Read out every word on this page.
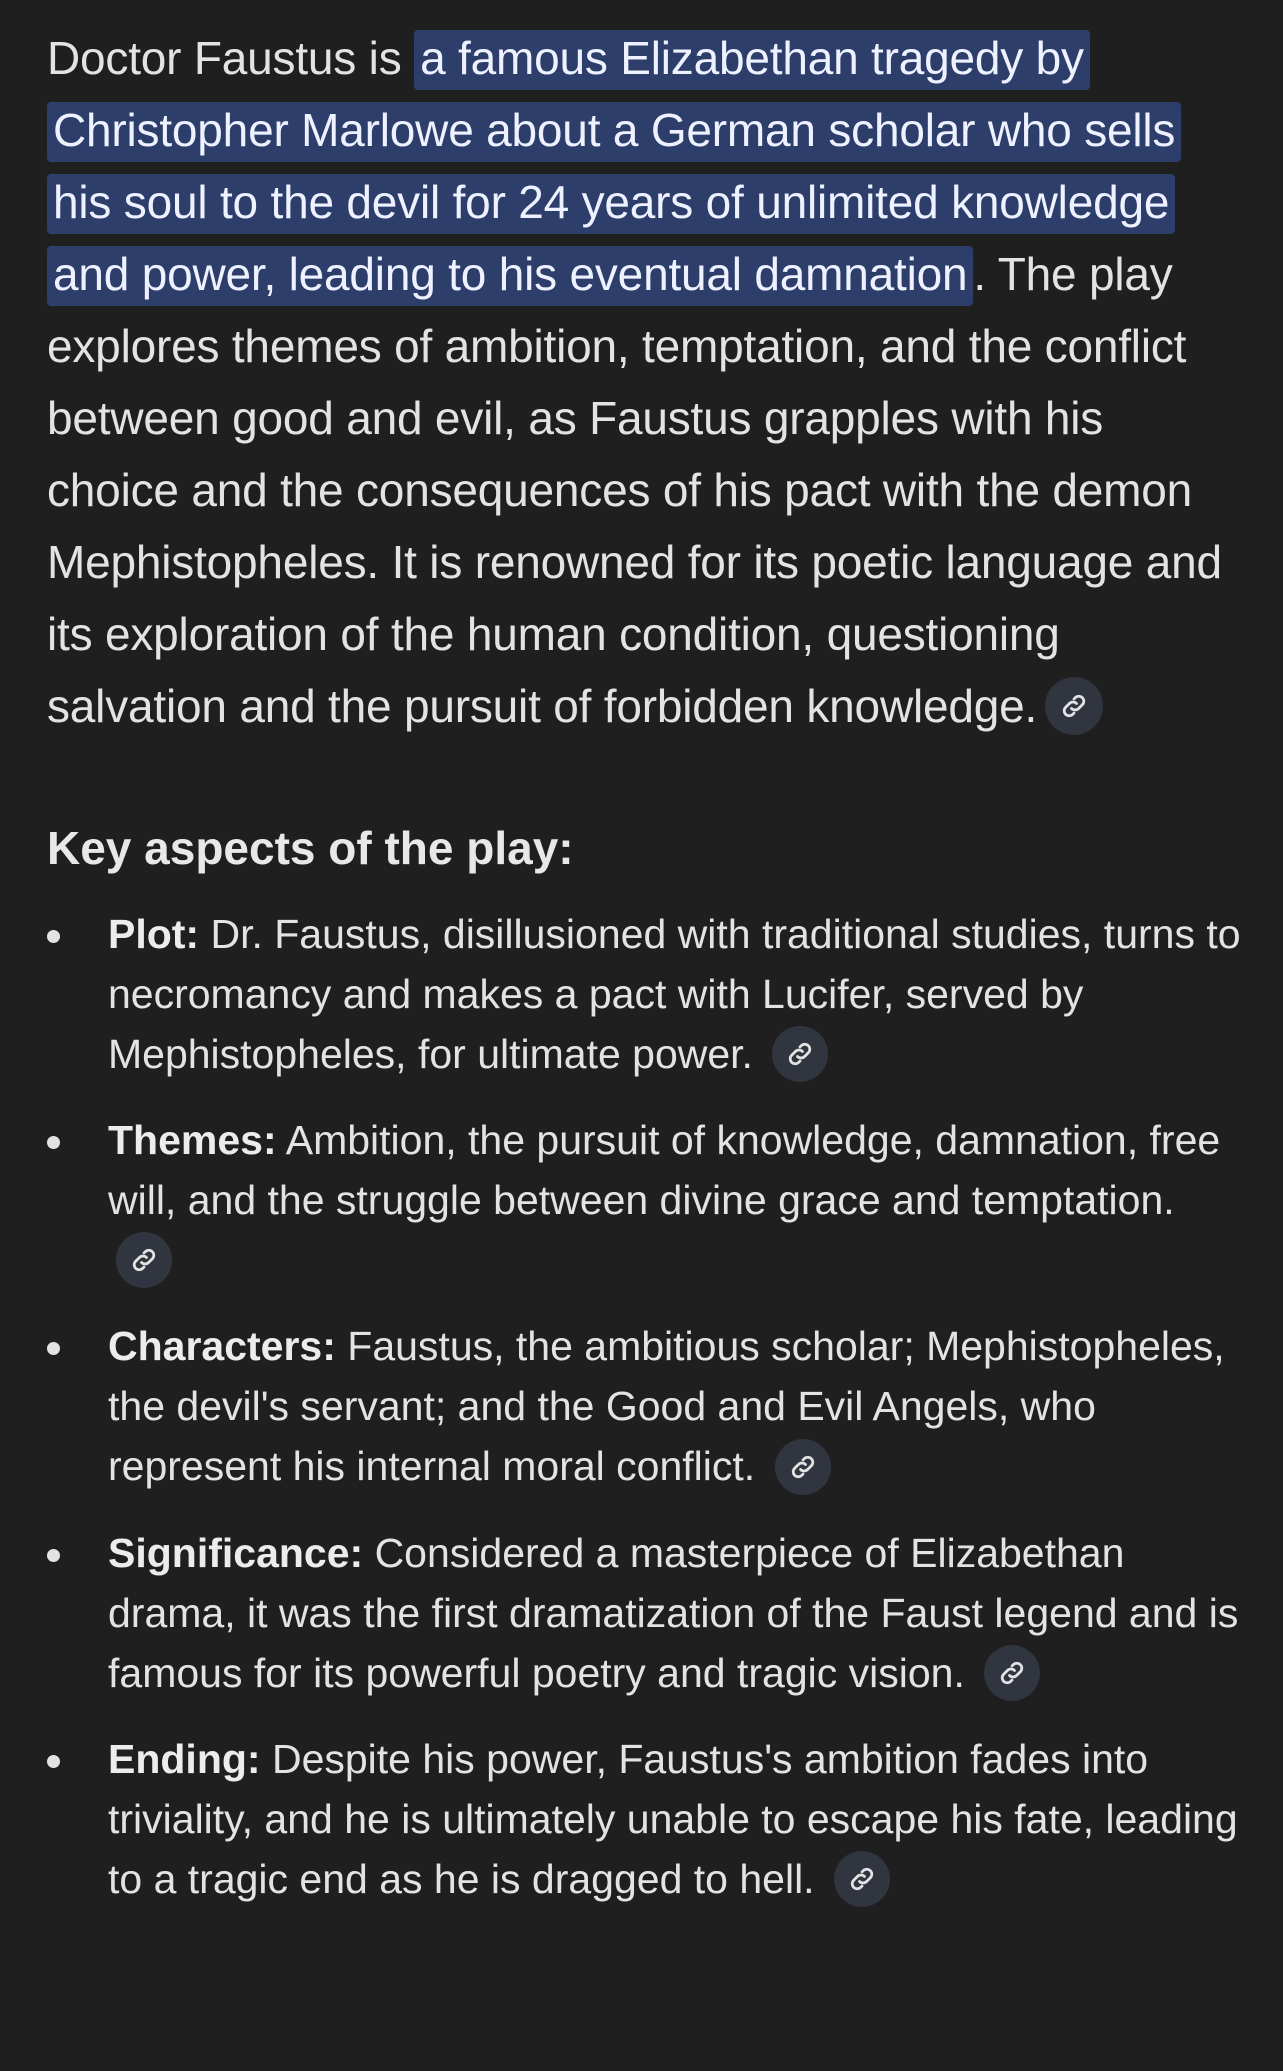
Doctor Faustus is a famous Elizabethan tragedy by Christopher Marlowe about a German scholar who sells his soul to the devil for 24 years of unlimited knowledge and power, leading to his eventual damnation . The play explores themes of ambition, temptation, and the conflict between good and evil, as Faustus grapples with his choice and the consequences of his pact with the demon Mephistopheles. It is renowned for its poetic language and its exploration of the human condition, questioning salvation and the pursuit of forbidden knowledge.

Key aspects of the play:
Plot: Dr. Faustus, disillusioned with traditional studies, turns to necromancy and makes a pact with Lucifer, served by Mephistopheles, for ultimate power.
Themes: Ambition, the pursuit of knowledge, damnation, free will, and the struggle between divine grace and temptation.
Characters: Faustus, the ambitious scholar; Mephistopheles, the devil's servant; and the Good and Evil Angels, who represent his internal moral conflict.
Significance: Considered a masterpiece of Elizabethan drama, it was the first dramatization of the Faust legend and is famous for its powerful poetry and tragic vision.
Ending: Despite his power, Faustus's ambition fades into triviality, and he is ultimately unable to escape his fate, leading to a tragic end as he is dragged to hell.
